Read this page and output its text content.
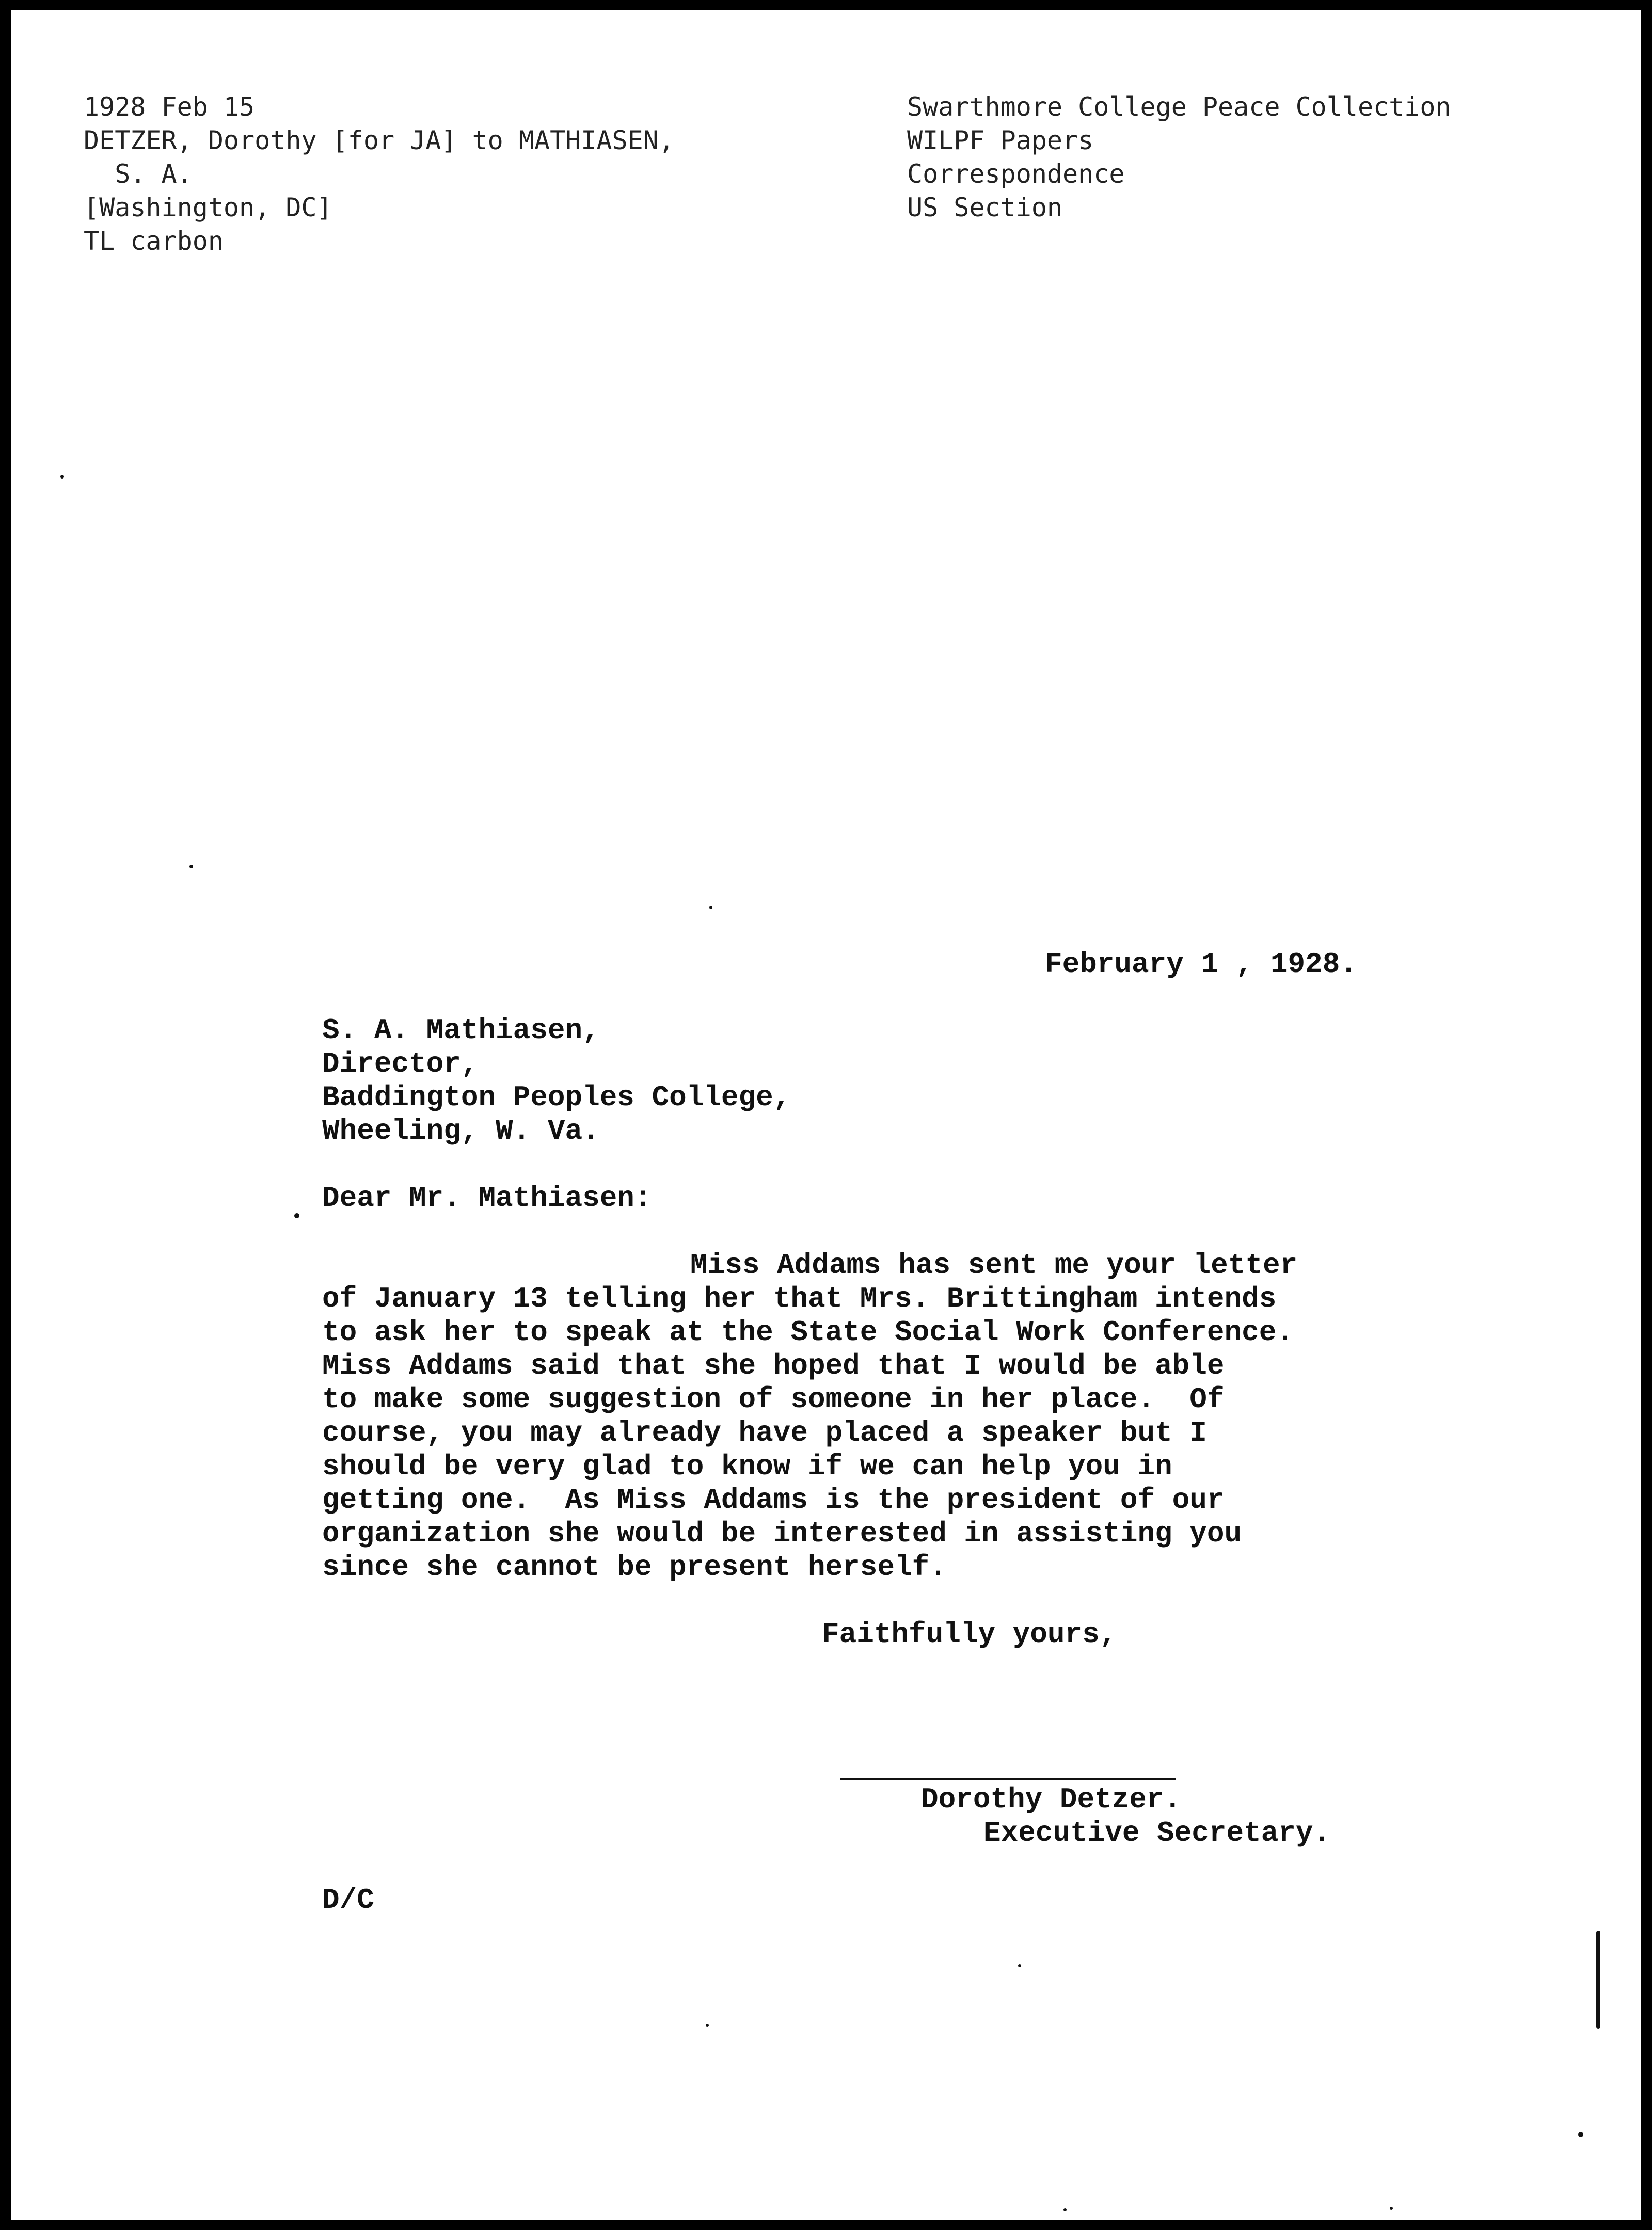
1928 Feb 15
DETZER, Dorothy [for JA] to MATHIASEN,
S. A.
[Washington, DC]
TL carbon
Swarthmore College Peace Collection
WILPF Papers
Correspondence
US Section
February 1 , 1928.
S. A. Mathiasen,
Director,
Baddington Peoples College,
Wheeling, W. Va.
Dear Mr. Mathiasen:
Miss Addams has sent me your letter
of January 13 telling her that Mrs. Brittingham intends
to ask her to speak at the State Social Work Conference.
Miss Addams said that she hoped that I would be able
to make some suggestion of someone in her place.  Of
course, you may already have placed a speaker but I
should be very glad to know if we can help you in
getting one.  As Miss Addams is the president of our
organization she would be interested in assisting you
since she cannot be present herself.
Faithfully yours,
Dorothy Detzer.
Executive Secretary.
D/C
